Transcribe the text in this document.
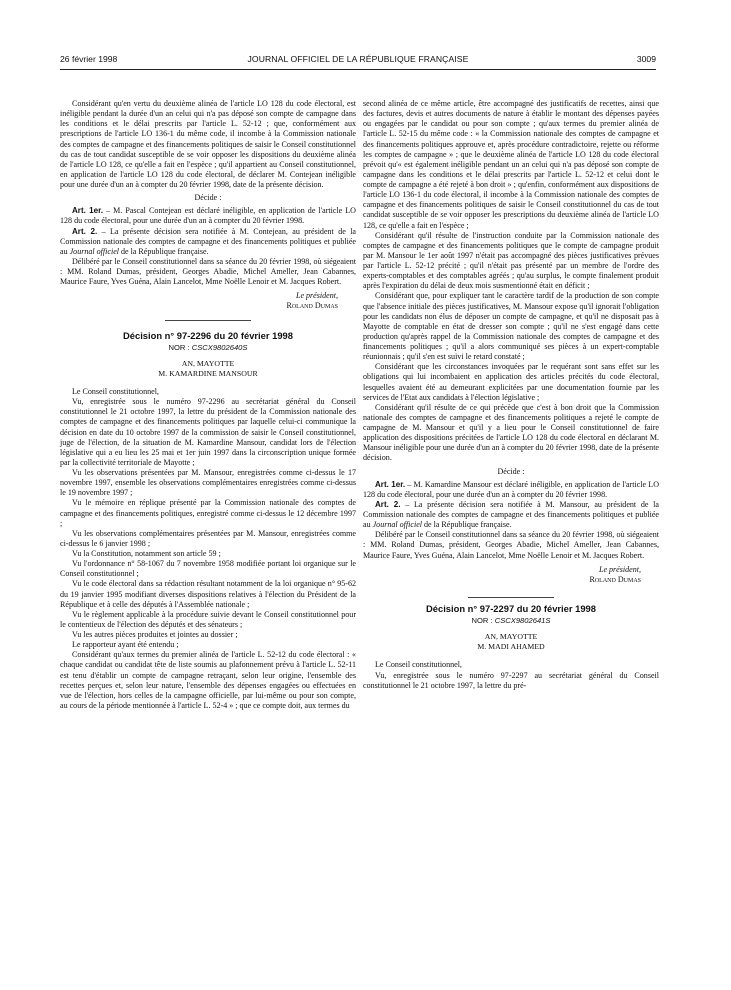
26 février 1998	JOURNAL OFFICIEL DE LA RÉPUBLIQUE FRANÇAISE	3009

Considérant qu'en vertu du deuxième alinéa de l'article LO 128 du code électoral, est inéligible pendant la durée d'un an celui qui n'a pas déposé son compte de campagne dans les conditions et le délai prescrits par l'article L. 52-12 ; que, conformément aux prescriptions de l'article LO 136-1 du même code, il incombe à la Commission nationale des comptes de campagne et des financements politiques de saisir le Conseil constitutionnel du cas de tout candidat susceptible de se voir opposer les dispositions du deuxième alinéa de l'article LO 128, ce qu'elle a fait en l'espèce ; qu'il appartient au Conseil constitutionnel, en application de l'article LO 128 du code électoral, de déclarer M. Contejean inéligible pour une durée d'un an à compter du 20 février 1998, date de la présente décision.

Décide :

Art. 1er. – M. Pascal Contejean est déclaré inéligible, en application de l'article LO 128 du code électoral, pour une durée d'un an à compter du 20 février 1998.

Art. 2. – La présente décision sera notifiée à M. Contejean, au président de la Commission nationale des comptes de campagne et des financements politiques et publiée au Journal officiel de la République française.

Délibéré par le Conseil constitutionnel dans sa séance du 20 février 1998, où siégeaient : MM. Roland Dumas, président, Georges Abadie, Michel Ameller, Jean Cabannes, Maurice Faure, Yves Guéna, Alain Lancelot, Mme Noëlle Lenoir et M. Jacques Robert.

Le président,

Roland Dumas

Décision n° 97-2296 du 20 février 1998

NOR : CSCX9802640S

AN, MAYOTTE

M. KAMARDINE MANSOUR

Le Conseil constitutionnel,

Vu, enregistrée sous le numéro 97-2296 au secrétariat général du Conseil constitutionnel le 21 octobre 1997, la lettre du président de la Commission nationale des comptes de campagne et des financements politiques par laquelle celui-ci communique la décision en date du 10 octobre 1997 de la commission de saisir le Conseil constitutionnel, juge de l'élection, de la situation de M. Kamardine Mansour, candidat lors de l'élection législative qui a eu lieu les 25 mai et 1er juin 1997 dans la circonscription unique formée par la collectivité territoriale de Mayotte ;

Vu les observations présentées par M. Mansour, enregistrées comme ci-dessus le 17 novembre 1997, ensemble les observations complémentaires enregistrées comme ci-dessus le 19 novembre 1997 ;

Vu le mémoire en réplique présenté par la Commission nationale des comptes de campagne et des financements politiques, enregistré comme ci-dessus le 12 décembre 1997 ;

Vu les observations complémentaires présentées par M. Mansour, enregistrées comme ci-dessus le 6 janvier 1998 ;

Vu la Constitution, notamment son article 59 ;

Vu l'ordonnance n° 58-1067 du 7 novembre 1958 modifiée portant loi organique sur le Conseil constitutionnel ;

Vu le code électoral dans sa rédaction résultant notamment de la loi organique n° 95-62 du 19 janvier 1995 modifiant diverses dispositions relatives à l'élection du Président de la République et à celle des députés à l'Assemblée nationale ;

Vu le règlement applicable à la procédure suivie devant le Conseil constitutionnel pour le contentieux de l'élection des députés et des sénateurs ;

Vu les autres pièces produites et jointes au dossier ;

Le rapporteur ayant été entendu ;

Considérant qu'aux termes du premier alinéa de l'article L. 52-12 du code électoral : « chaque candidat ou candidat tête de liste soumis au plafonnement prévu à l'article L. 52-11 est tenu d'établir un compte de campagne retraçant, selon leur origine, l'ensemble des recettes perçues et, selon leur nature, l'ensemble des dépenses engagées ou effectuées en vue de l'élection, hors celles de la campagne officielle, par lui-même ou pour son compte, au cours de la période mentionnée à l'article L. 52-4 » ; que ce compte doit, aux termes du

second alinéa de ce même article, être accompagné des justificatifs de recettes, ainsi que des factures, devis et autres documents de nature à établir le montant des dépenses payées ou engagées par le candidat ou pour son compte ; qu'aux termes du premier alinéa de l'article L. 52-15 du même code : « la Commission nationale des comptes de campagne et des financements politiques approuve et, après procédure contradictoire, rejette ou réforme les comptes de campagne » ; que le deuxième alinéa de l'article LO 128 du code électoral prévoit qu'« est également inéligible pendant un an celui qui n'a pas déposé son compte de campagne dans les conditions et le délai prescrits par l'article L. 52-12 et celui dont le compte de campagne a été rejeté à bon droit » ; qu'enfin, conformément aux dispositions de l'article LO 136-1 du code électoral, il incombe à la Commission nationale des comptes de campagne et des financements politiques de saisir le Conseil constitutionnel du cas de tout candidat susceptible de se voir opposer les prescriptions du deuxième alinéa de l'article LO 128, ce qu'elle a fait en l'espèce ;

Considérant qu'il résulte de l'instruction conduite par la Commission nationale des comptes de campagne et des financements politiques que le compte de campagne produit par M. Mansour le 1er août 1997 n'était pas accompagné des pièces justificatives prévues par l'article L. 52-12 précité ; qu'il n'était pas présenté par un membre de l'ordre des experts-comptables et des comptables agréés ; qu'au surplus, le compte finalement produit après l'expiration du délai de deux mois susmentionné était en déficit ;

Considérant que, pour expliquer tant le caractère tardif de la production de son compte que l'absence initiale des pièces justificatives, M. Mansour expose qu'il ignorait l'obligation pour les candidats non élus de déposer un compte de campagne, et qu'il ne disposait pas à Mayotte de comptable en état de dresser son compte ; qu'il ne s'est engagé dans cette production qu'après rappel de la Commission nationale des comptes de campagne et des financements politiques ; qu'il a alors communiqué ses pièces à un expert-comptable réunionnais ; qu'il s'en est suivi le retard constaté ;

Considérant que les circonstances invoquées par le requérant sont sans effet sur les obligations qui lui incombaient en application des articles précités du code électoral, lesquelles avaient été au demeurant explicitées par une documentation fournie par les services de l'Etat aux candidats à l'élection législative ;

Considérant qu'il résulte de ce qui précède que c'est à bon droit que la Commission nationale des comptes de campagne et des financements politiques a rejeté le compte de campagne de M. Mansour et qu'il y a lieu pour le Conseil constitutionnel de faire application des dispositions précitées de l'article LO 128 du code électoral en déclarant M. Mansour inéligible pour une durée d'un an à compter du 20 février 1998, date de la présente décision.

Décide :

Art. 1er. – M. Kamardine Mansour est déclaré inéligible, en application de l'article LO 128 du code électoral, pour une durée d'un an à compter du 20 février 1998.

Art. 2. – La présente décision sera notifiée à M. Mansour, au président de la Commission nationale des comptes de campagne et des financements politiques et publiée au Journal officiel de la République française.

Délibéré par le Conseil constitutionnel dans sa séance du 20 février 1998, où siégeaient : MM. Roland Dumas, président, Georges Abadie, Michel Ameller, Jean Cabannes, Maurice Faure, Yves Guéna, Alain Lancelot, Mme Noëlle Lenoir et M. Jacques Robert.

Le président,

Roland Dumas

Décision n° 97-2297 du 20 février 1998

NOR : CSCX9802641S

AN, MAYOTTE

M. MADI AHAMED

Le Conseil constitutionnel,

Vu, enregistrée sous le numéro 97-2297 au secrétariat général du Conseil constitutionnel le 21 octobre 1997, la lettre du pré-
